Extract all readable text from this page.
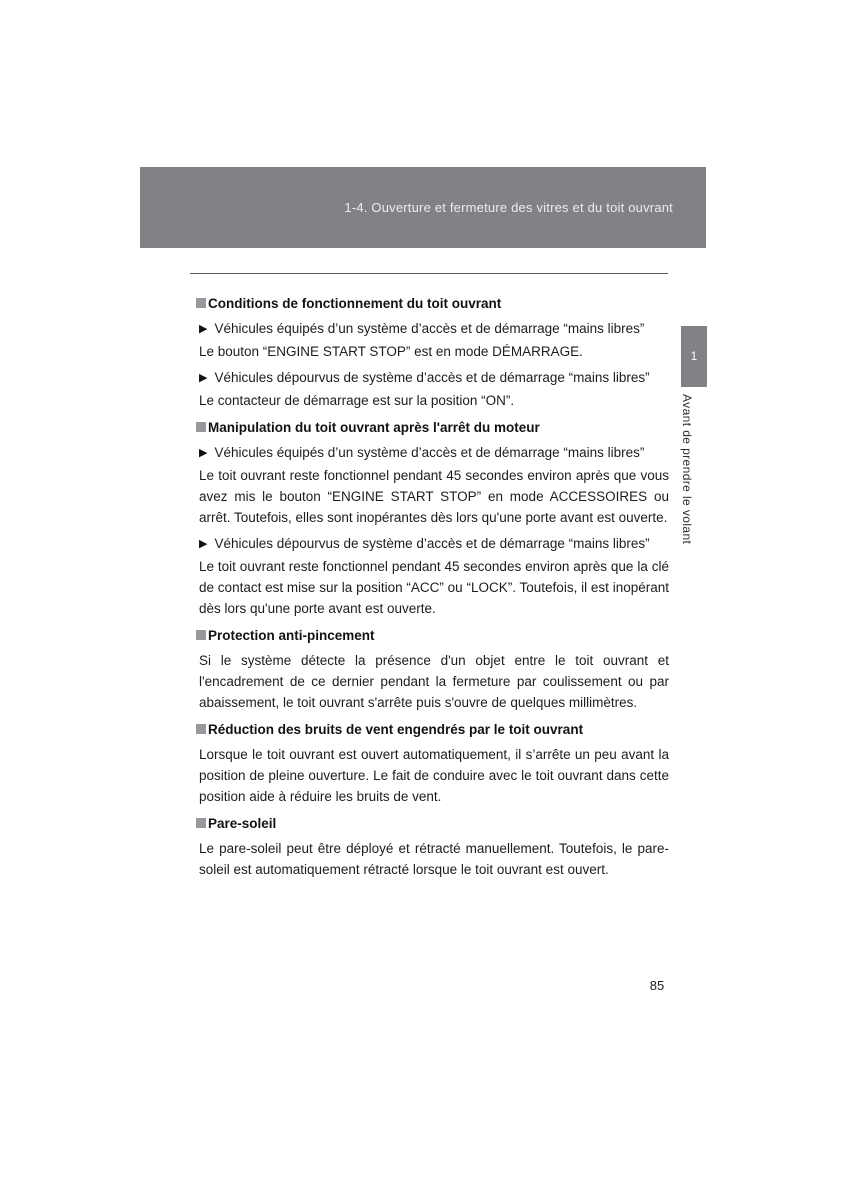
1-4. Ouverture et fermeture des vitres et du toit ouvrant
Conditions de fonctionnement du toit ouvrant
▶ Véhicules équipés d’un système d’accès et de démarrage “mains libres”

Le bouton “ENGINE START STOP” est en mode DÉMARRAGE.

▶ Véhicules dépourvus de système d’accès et de démarrage “mains libres”

Le contacteur de démarrage est sur la position “ON”.

Manipulation du toit ouvrant après l'arrêt du moteur
▶ Véhicules équipés d’un système d’accès et de démarrage “mains libres”

Le toit ouvrant reste fonctionnel pendant 45 secondes environ après que vous avez mis le bouton “ENGINE START STOP” en mode ACCESSOIRES ou arrêt. Toutefois, elles sont inopérantes dès lors qu'une porte avant est ouverte.

▶ Véhicules dépourvus de système d’accès et de démarrage “mains libres”

Le toit ouvrant reste fonctionnel pendant 45 secondes environ après que la clé de contact est mise sur la position “ACC” ou “LOCK”. Toutefois, il est inopérant dès lors qu'une porte avant est ouverte.

Protection anti-pincement

Si le système détecte la présence d'un objet entre le toit ouvrant et l'encadrement de ce dernier pendant la fermeture par coulissement ou par abaissement, le toit ouvrant s'arrête puis s'ouvre de quelques millimètres.

Réduction des bruits de vent engendrés par le toit ouvrant

Lorsque le toit ouvrant est ouvert automatiquement, il s’arrête un peu avant la position de pleine ouverture. Le fait de conduire avec le toit ouvrant dans cette position aide à réduire les bruits de vent.

Pare-soleil

Le pare-soleil peut être déployé et rétracté manuellement. Toutefois, le pare-soleil est automatiquement rétracté lorsque le toit ouvrant est ouvert.

1
Avant de prendre le volant
85
